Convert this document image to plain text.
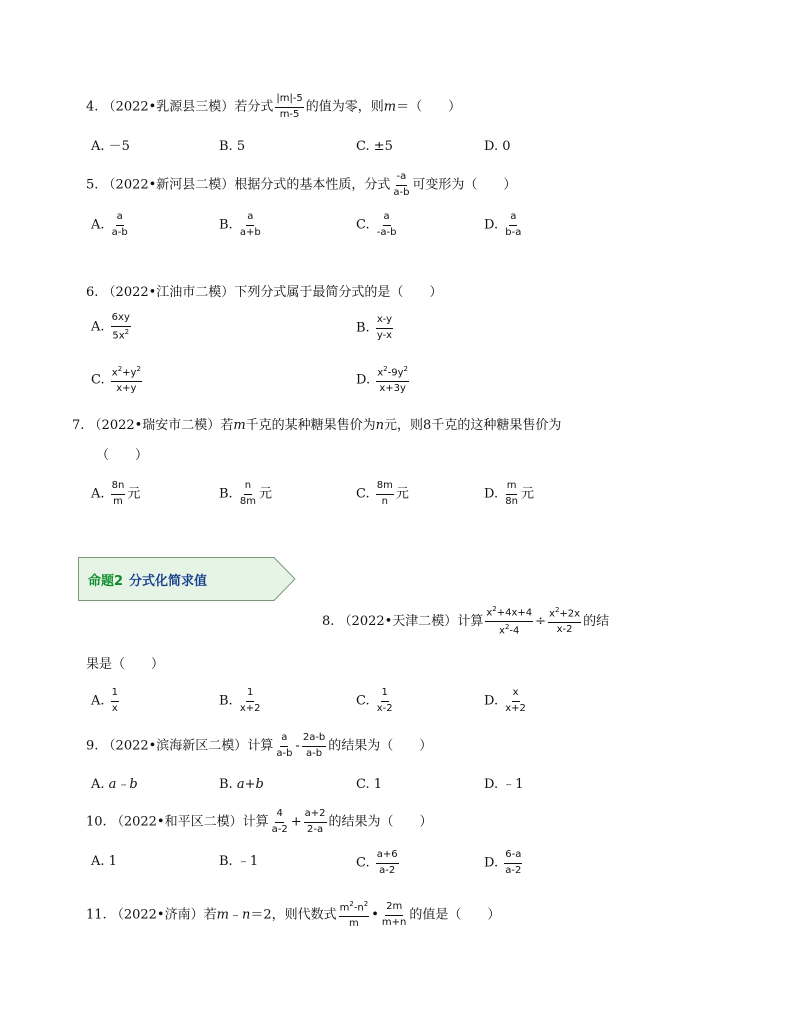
4. （2022•乳源县三模）若分式 $\frac{|m|-5}{m-5}$ 的值为零，则m＝（　　）
A. －5	B. 5	C. ±5	D. 0
5. （2022•新河县二模）根据分式的基本性质，分式 $\frac{-a}{a-b}$ 可变形为（　　）
A. $\frac{a}{a-b}$	B. $\frac{a}{a+b}$	C. $\frac{a}{-a-b}$	D. $\frac{a}{b-a}$
6. （2022•江油市二模）下列分式属于最简分式的是（　　）
A. $\frac{6xy}{5x^2}$	B. $\frac{x-y}{y-x}$
C. $\frac{x^2+y^2}{x+y}$	D. $\frac{x^2-9y^2}{x+3y}$
7. （2022•瑞安市二模）若m千克的某种糖果售价为n元，则8千克的这种糖果售价为
（　　）
A. $\frac{8n}{m}$ 元	B. $\frac{n}{8m}$ 元	C. $\frac{8m}{n}$ 元	D. $\frac{m}{8n}$ 元
命题2 分式化简求值
8. （2022•天津二模）计算 $\frac{x^2+4x+4}{x^2-4} \div \frac{x^2+2x}{x-2}$ 的结
果是（　　）
A. $\frac{1}{x}$	B. $\frac{1}{x+2}$	C. $\frac{1}{x-2}$	D. $\frac{x}{x+2}$
9. （2022•滨海新区二模）计算 $\frac{a}{a-b} - \frac{2a-b}{a-b}$ 的结果为（　　）
A. a﹣b	B. a+b	C. 1	D. ﹣1
10. （2022•和平区二模）计算 $\frac{4}{a-2} + \frac{a+2}{2-a}$ 的结果为（　　）
A. 1	B. ﹣1	C. $\frac{a+6}{a-2}$	D. $\frac{6-a}{a-2}$
11. （2022•济南）若m﹣n＝2，则代数式 $\frac{m^2-n^2}{m}$ • $\frac{2m}{m+n}$ 的值是（　　）
